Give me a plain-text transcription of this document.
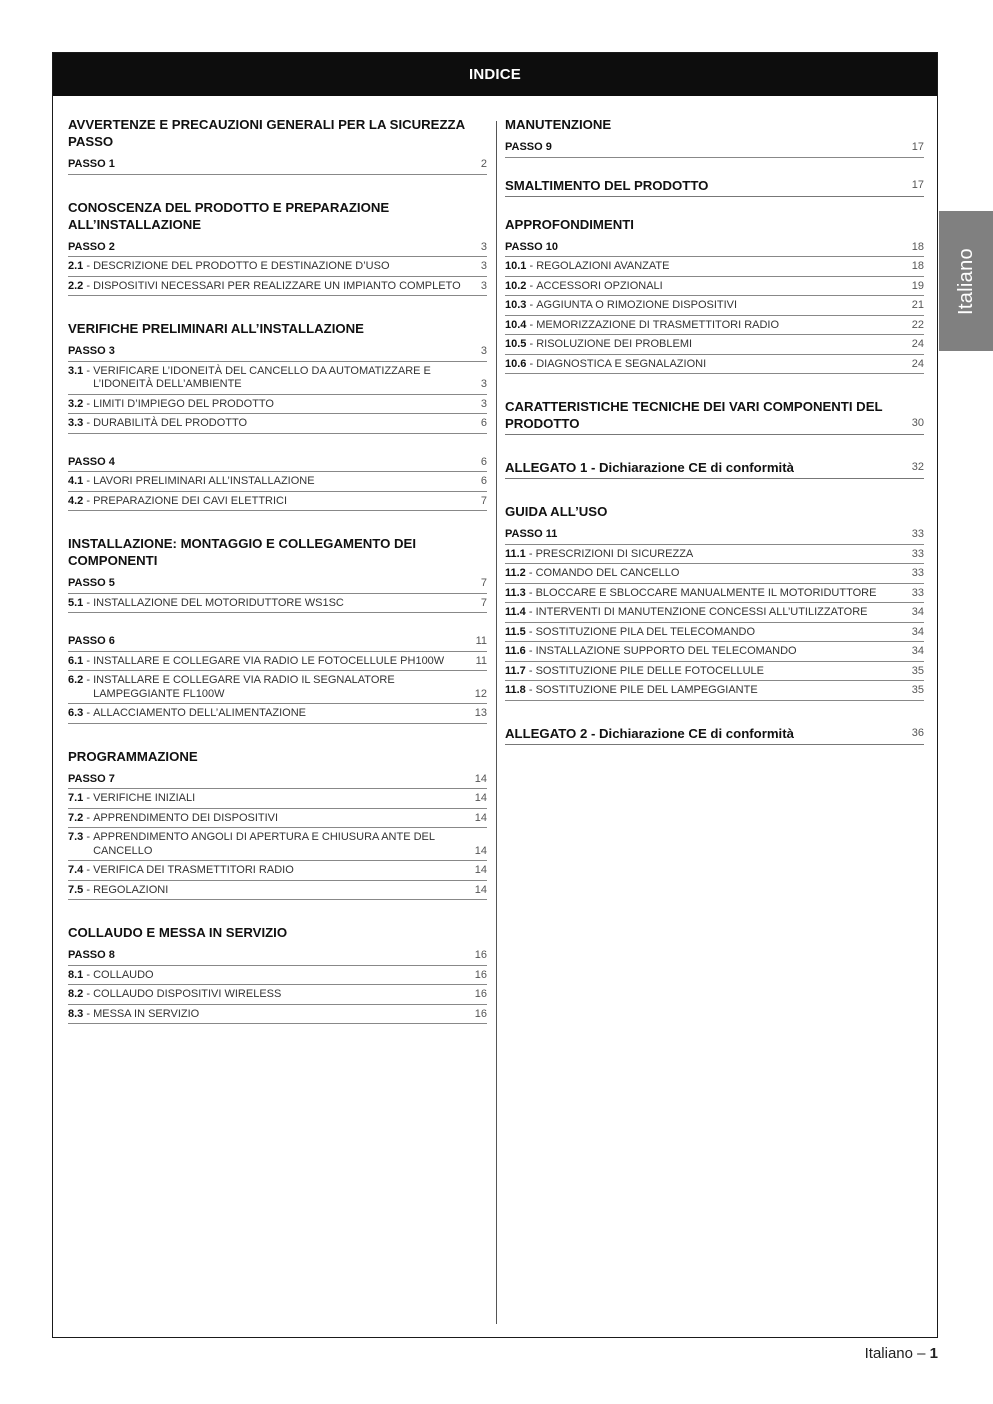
INDICE
AVVERTENZE E PRECAUZIONI GENERALI PER LA SICUREZZA PASSO
PASSO 1	2
CONOSCENZA DEL PRODOTTO E PREPARAZIONE ALL’INSTALLAZIONE
PASSO 2	3
2.1 - DESCRIZIONE DEL PRODOTTO E DESTINAZIONE D’USO	3
2.2 - DISPOSITIVI NECESSARI PER REALIZZARE UN IMPIANTO COMPLETO	3
VERIFICHE PRELIMINARI ALL’INSTALLAZIONE
PASSO 3	3
3.1 - VERIFICARE L’IDONEITÀ DEL CANCELLO DA AUTOMATIZZARE E L’IDONEITÀ DELL’AMBIENTE	3
3.2 - LIMITI D’IMPIEGO DEL PRODOTTO	3
3.3 - DURABILITÀ DEL PRODOTTO	6
PASSO 4	6
4.1 - LAVORI PRELIMINARI ALL’INSTALLAZIONE	6
4.2 - PREPARAZIONE DEI CAVI ELETTRICI	7
INSTALLAZIONE: MONTAGGIO E COLLEGAMENTO DEI COMPONENTI
PASSO 5	7
5.1 - INSTALLAZIONE DEL MOTORIDUTTORE WS1SC	7
PASSO 6	11
6.1 - INSTALLARE E COLLEGARE VIA RADIO LE FOTOCELLULE PH100W	11
6.2 - INSTALLARE E COLLEGARE VIA RADIO IL SEGNALATORE LAMPEGGIANTE FL100W	12
6.3 - ALLACCIAMENTO DELL’ALIMENTAZIONE	13
PROGRAMMAZIONE
PASSO 7	14
7.1 - VERIFICHE INIZIALI	14
7.2 - APPRENDIMENTO DEI DISPOSITIVI	14
7.3 - APPRENDIMENTO ANGOLI DI APERTURA E CHIUSURA ANTE DEL CANCELLO	14
7.4 - VERIFICA DEI TRASMETTITORI RADIO	14
7.5 - REGOLAZIONI	14
COLLAUDO E MESSA IN SERVIZIO
PASSO 8	16
8.1 - COLLAUDO	16
8.2 - COLLAUDO DISPOSITIVI WIRELESS	16
8.3 - MESSA IN SERVIZIO	16
MANUTENZIONE
PASSO 9	17
SMALTIMENTO DEL PRODOTTO	17
APPROFONDIMENTI
PASSO 10	18
10.1 - REGOLAZIONI AVANZATE	18
10.2 - ACCESSORI OPZIONALI	19
10.3 - AGGIUNTA O RIMOZIONE DISPOSITIVI	21
10.4 - MEMORIZZAZIONE DI TRASMETTITORI RADIO	22
10.5 - RISOLUZIONE DEI PROBLEMI	24
10.6 - DIAGNOSTICA E SEGNALAZIONI	24
CARATTERISTICHE TECNICHE DEI VARI COMPONENTI DEL PRODOTTO	30
ALLEGATO 1 - Dichiarazione CE di conformità	32
GUIDA ALL’USO
PASSO 11	33
11.1 - PRESCRIZIONI DI SICUREZZA	33
11.2 - COMANDO DEL CANCELLO	33
11.3 - BLOCCARE E SBLOCCARE MANUALMENTE IL MOTORIDUTTORE	33
11.4 - INTERVENTI DI MANUTENZIONE CONCESSI ALL’UTILIZZATORE	34
11.5 - SOSTITUZIONE PILA DEL TELECOMANDO	34
11.6 - INSTALLAZIONE SUPPORTO DEL TELECOMANDO	34
11.7 - SOSTITUZIONE PILE DELLE FOTOCELLULE	35
11.8 - SOSTITUZIONE PILE DEL LAMPEGGIANTE	35
ALLEGATO 2 - Dichiarazione CE di conformità	36
Italiano
Italiano – 1
